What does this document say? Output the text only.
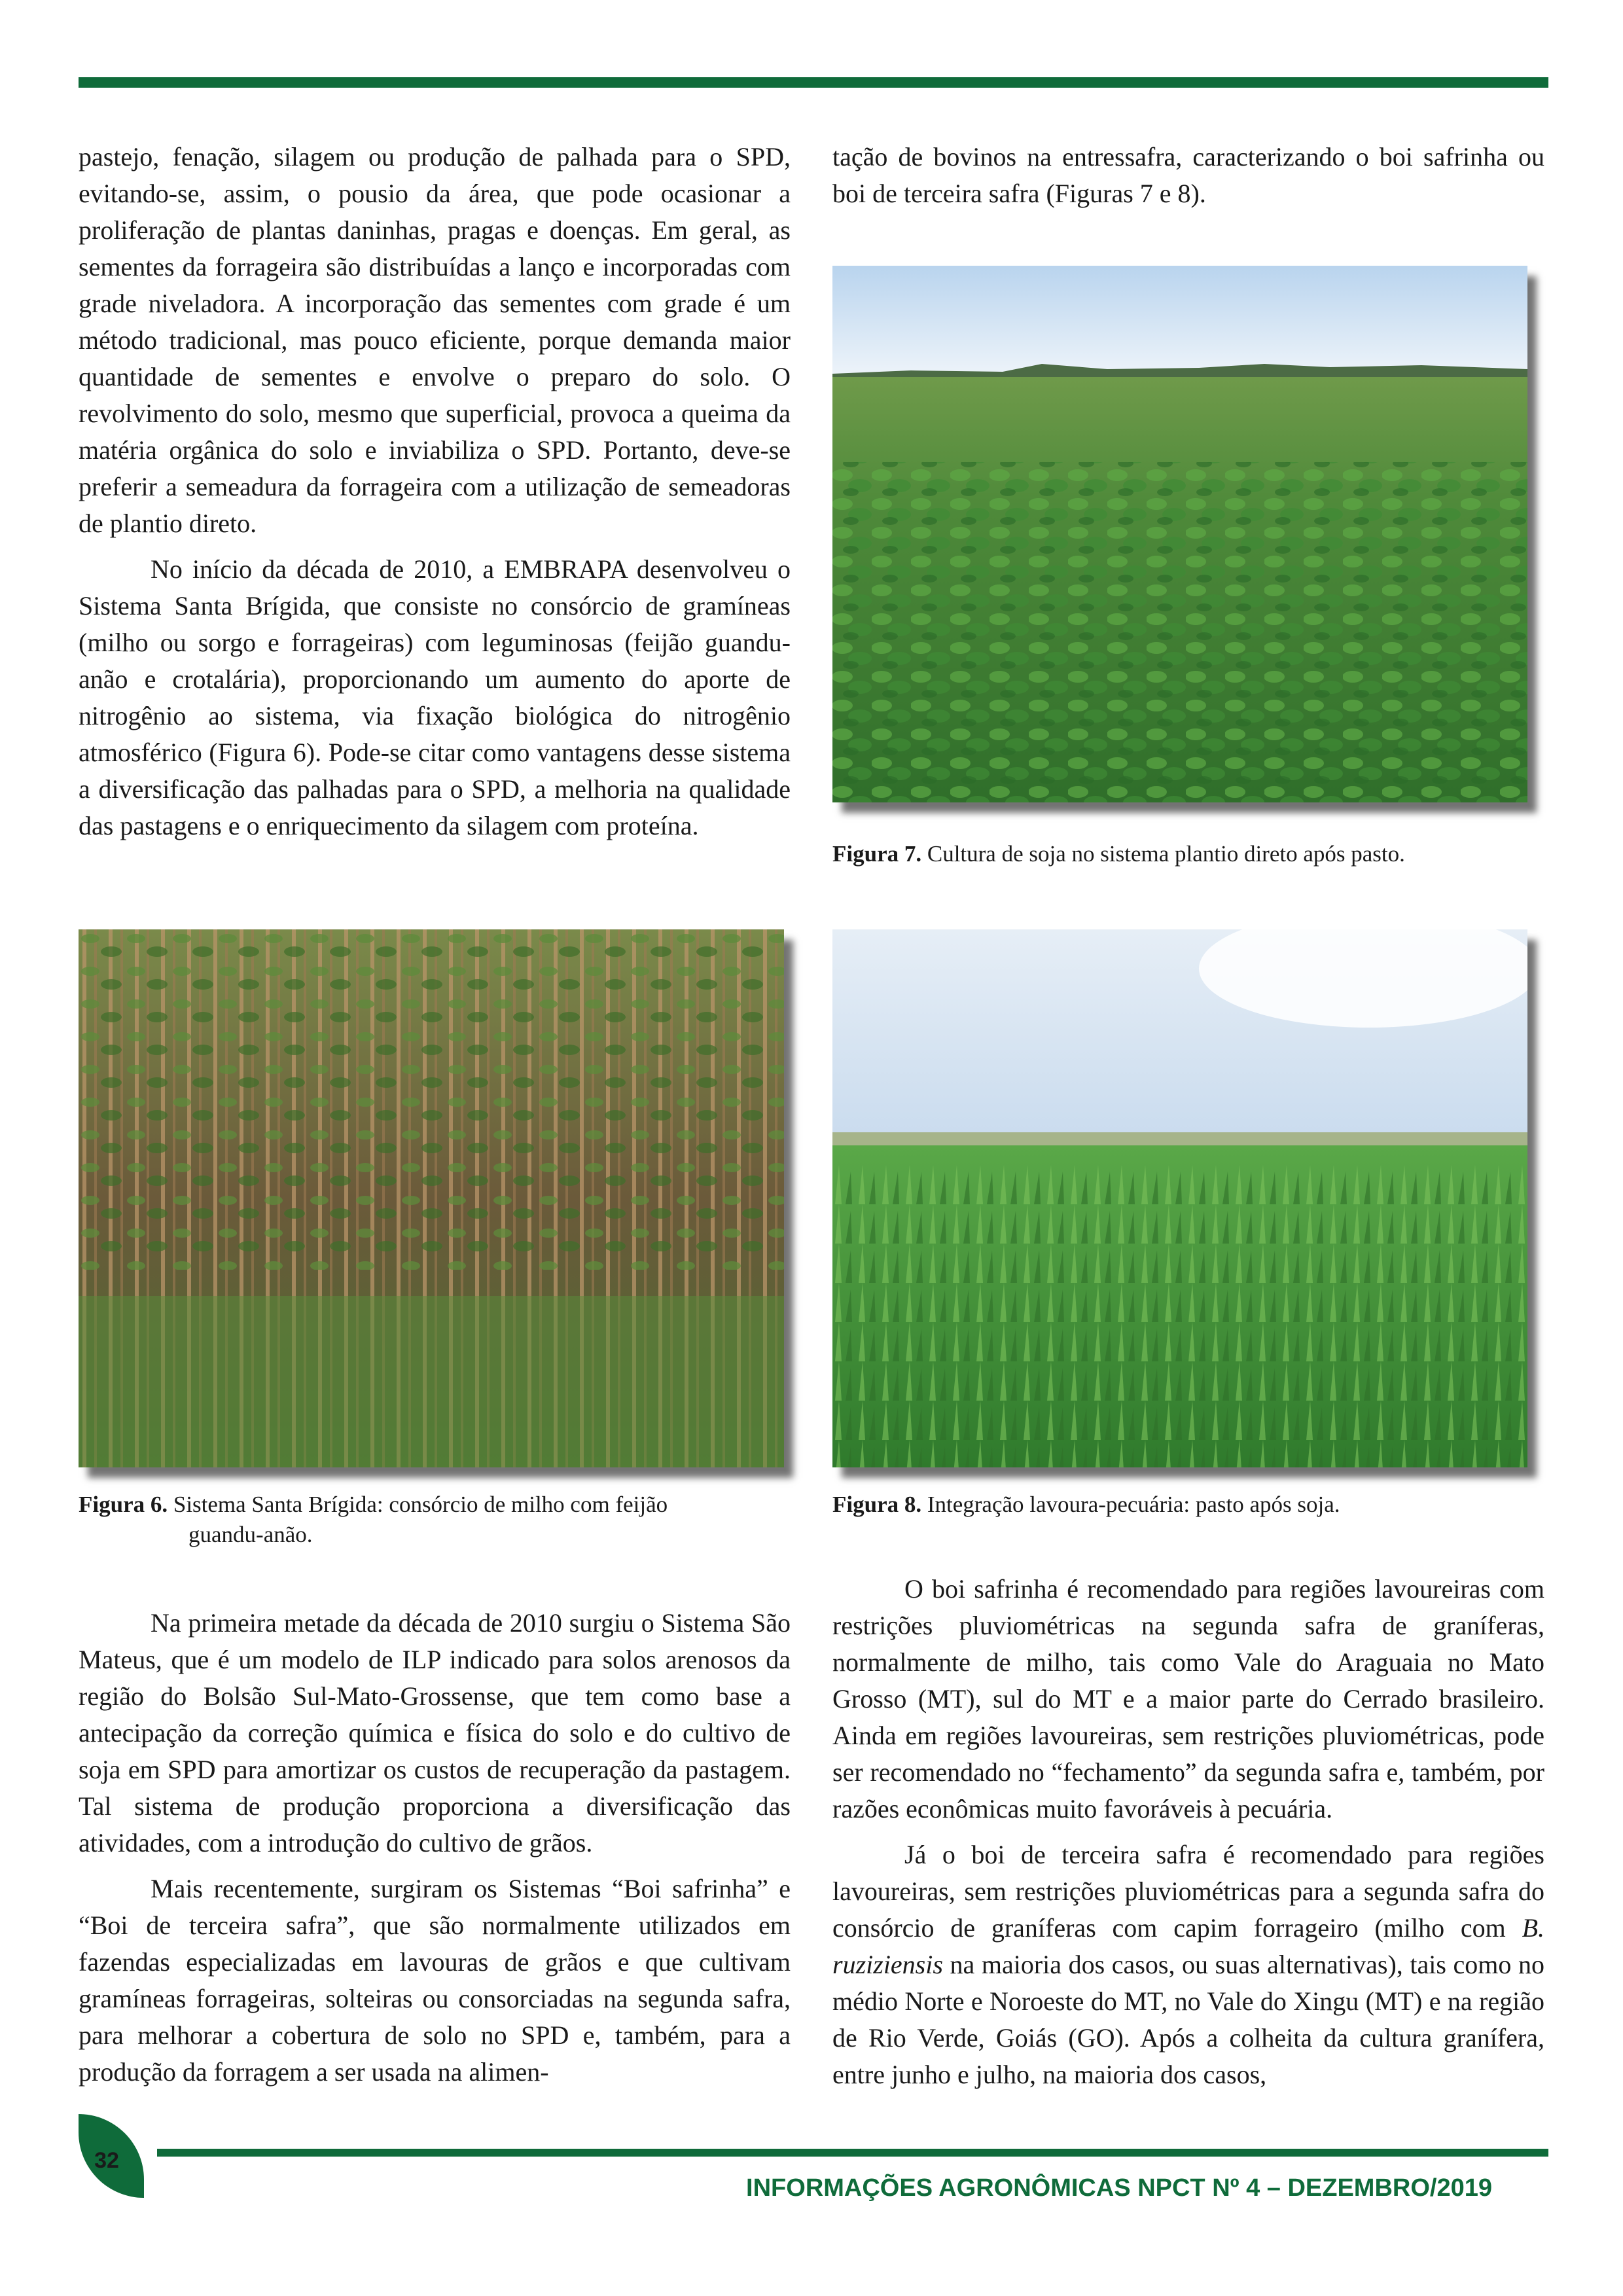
pastejo, fenação, silagem ou produção de palhada para o SPD, evitando-se, assim, o pousio da área, que pode ocasionar a proliferação de plantas daninhas, pragas e doenças. Em geral, as sementes da forrageira são distribuídas a lanço e incorporadas com grade niveladora. A incorporação das sementes com grade é um método tradicional, mas pouco eficiente, porque demanda maior quantidade de sementes e envolve o preparo do solo. O revolvimento do solo, mesmo que superficial, provoca a queima da matéria orgânica do solo e inviabiliza o SPD. Portanto, deve-se preferir a semeadura da forrageira com a utilização de semeadoras de plantio direto.

No início da década de 2010, a EMBRAPA desenvolveu o Sistema Santa Brígida, que consiste no consórcio de gramíneas (milho ou sorgo e forrageiras) com leguminosas (feijão guandu-anão e crotalária), proporcionando um aumento do aporte de nitrogênio ao sistema, via fixação biológica do nitrogênio atmosférico (Figura 6). Pode-se citar como vantagens desse sistema a diversificação das palhadas para o SPD, a melhoria na qualidade das pastagens e o enriquecimento da silagem com proteína.

tação de bovinos na entressafra, caracterizando o boi safrinha ou boi de terceira safra (Figuras 7 e 8).

Figura 7. Cultura de soja no sistema plantio direto após pasto.
Figura 6. Sistema Santa Brígida: consórcio de milho com feijão
guandu-anão.
Figura 8. Integração lavoura-pecuária: pasto após soja.

Na primeira metade da década de 2010 surgiu o Sistema São Mateus, que é um modelo de ILP indicado para solos arenosos da região do Bolsão Sul-Mato-Grossense, que tem como base a antecipação da correção química e física do solo e do cultivo de soja em SPD para amortizar os custos de recuperação da pastagem. Tal sistema de produção proporciona a diversificação das atividades, com a introdução do cultivo de grãos.

Mais recentemente, surgiram os Sistemas “Boi safrinha” e “Boi de terceira safra”, que são normalmente utilizados em fazendas especializadas em lavouras de grãos e que cultivam gramíneas forrageiras, solteiras ou consorciadas na segunda safra, para melhorar a cobertura de solo no SPD e, também, para a produção da forragem a ser usada na alimen-

O boi safrinha é recomendado para regiões lavoureiras com restrições pluviométricas na segunda safra de graníferas, normalmente de milho, tais como Vale do Araguaia no Mato Grosso (MT), sul do MT e a maior parte do Cerrado brasileiro. Ainda em regiões lavoureiras, sem restrições pluviométricas, pode ser recomendado no “fechamento” da segunda safra e, também, por razões econômicas muito favoráveis à pecuária.

Já o boi de terceira safra é recomendado para regiões lavoureiras, sem restrições pluviométricas para a segunda safra do consórcio de graníferas com capim forrageiro (milho com B. ruziziensis na maioria dos casos, ou suas alternativas), tais como no médio Norte e Noroeste do MT, no Vale do Xingu (MT) e na região de Rio Verde, Goiás (GO). Após a colheita da cultura granífera, entre junho e julho, na maioria dos casos,

32
INFORMAÇÕES AGRONÔMICAS NPCT Nº 4 – DEZEMBRO/2019
